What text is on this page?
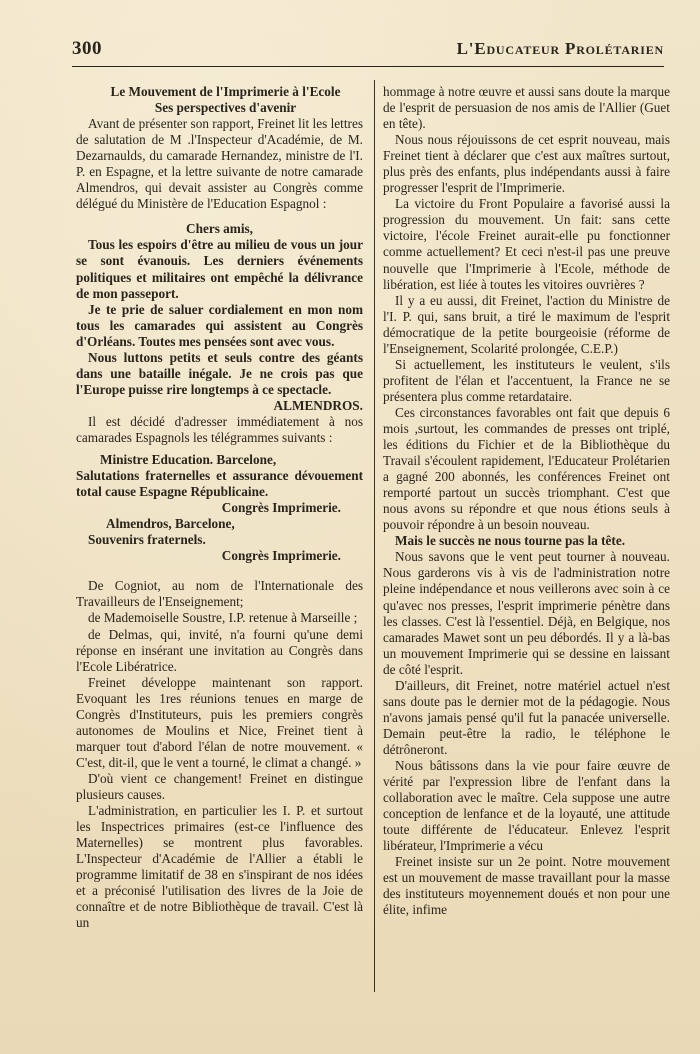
300	L'Educateur Prolétarien

Le Mouvement de l'Imprimerie à l'Ecole

Ses perspectives d'avenir

Avant de présenter son rapport, Freinet lit les lettres de salutation de M .l'Inspecteur d'Académie, de M. Dezarnaulds, du camarade Hernandez, ministre de l'I. P. en Espagne, et la lettre suivante de notre camarade Almendros, qui devait assister au Congrès comme délégué du Ministère de l'Education Espagnol :

Chers amis,

Tous les espoirs d'être au milieu de vous un jour se sont évanouis. Les derniers événements politiques et militaires ont empêché la délivrance de mon passeport.

Je te prie de saluer cordialement en mon nom tous les camarades qui assistent au Congrès d'Orléans. Toutes mes pensées sont avec vous.

Nous luttons petits et seuls contre des géants dans une bataille inégale. Je ne crois pas que l'Europe puisse rire longtemps à ce spectacle.

ALMENDROS.

Il est décidé d'adresser immédiatement à nos camarades Espagnols les télégrammes suivants :

Ministre Education. Barcelone,
Salutations fraternelles et assurance dévouement total cause Espagne Républicaine.
Congrès Imprimerie.
Almendros, Barcelone,
Souvenirs fraternels.
Congrès Imprimerie.

De Cogniot, au nom de l'Internationale des Travailleurs de l'Enseignement;

de Mademoiselle Soustre, I.P. retenue à Marseille ;

de Delmas, qui, invité, n'a fourni qu'une demi réponse en insérant une invitation au Congrès dans l'Ecole Libératrice.

Freinet développe maintenant son rapport. Evoquant les 1res réunions tenues en marge de Congrès d'Instituteurs, puis les premiers congrès autonomes de Moulins et Nice, Freinet tient à marquer tout d'abord l'élan de notre mouvement. « C'est, dit-il, que le vent a tourné, le climat a changé. »

D'où vient ce changement! Freinet en distingue plusieurs causes.

L'administration, en particulier les I. P. et surtout les Inspectrices primaires (est-ce l'influence des Maternelles) se montrent plus favorables. L'Inspecteur d'Académie de l'Allier a établi le programme limitatif de 38 en s'inspirant de nos idées et a préconisé l'utilisation des livres de la Joie de connaître et de notre Bibliothèque de travail. C'est là un

hommage à notre œuvre et aussi sans doute la marque de l'esprit de persuasion de nos amis de l'Allier (Guet en tête).

Nous nous réjouissons de cet esprit nouveau, mais Freinet tient à déclarer que c'est aux maîtres surtout, plus près des enfants, plus indépendants aussi à faire progresser l'esprit de l'Imprimerie.

La victoire du Front Populaire a favorisé aussi la progression du mouvement. Un fait: sans cette victoire, l'école Freinet aurait-elle pu fonctionner comme actuellement? Et ceci n'est-il pas une preuve nouvelle que l'Imprimerie à l'Ecole, méthode de libération, est liée à toutes les vitoires ouvrières ?

Il y a eu aussi, dit Freinet, l'action du Ministre de l'I. P. qui, sans bruit, a tiré le maximum de l'esprit démocratique de la petite bourgeoisie (réforme de l'Enseignement, Scolarité prolongée, C.E.P.)

Si actuellement, les instituteurs le veulent, s'ils profitent de l'élan et l'accentuent, la France ne se présentera plus comme retardataire.

Ces circonstances favorables ont fait que depuis 6 mois ,surtout, les commandes de presses ont triplé, les éditions du Fichier et de la Bibliothèque du Travail s'écoulent rapidement, l'Educateur Prolétarien a gagné 200 abonnés, les conférences Freinet ont remporté partout un succès triomphant. C'est que nous avons su répondre et que nous étions seuls à pouvoir répondre à un besoin nouveau.

Mais le succès ne nous tourne pas la tête.

Nous savons que le vent peut tourner à nouveau. Nous garderons vis à vis de l'administration notre pleine indépendance et nous veillerons avec soin à ce qu'avec nos presses, l'esprit imprimerie pénètre dans les classes. C'est là l'essentiel. Déjà, en Belgique, nos camarades Mawet sont un peu débordés. Il y a là-bas un mouvement Imprimerie qui se dessine en laissant de côté l'esprit.

D'ailleurs, dit Freinet, notre matériel actuel n'est sans doute pas le dernier mot de la pédagogie. Nous n'avons jamais pensé qu'il fut la panacée universelle. Demain peut-être la radio, le téléphone le détrôneront.

Nous bâtissons dans la vie pour faire œuvre de vérité par l'expression libre de l'enfant dans la collaboration avec le maître. Cela suppose une autre conception de lenfance et de la loyauté, une attitude toute différente de l'éducateur. Enlevez l'esprit libérateur, l'Imprimerie a vécu

Freinet insiste sur un 2e point. Notre mouvement est un mouvement de masse travaillant pour la masse des instituteurs moyennement doués et non pour une élite, infime
